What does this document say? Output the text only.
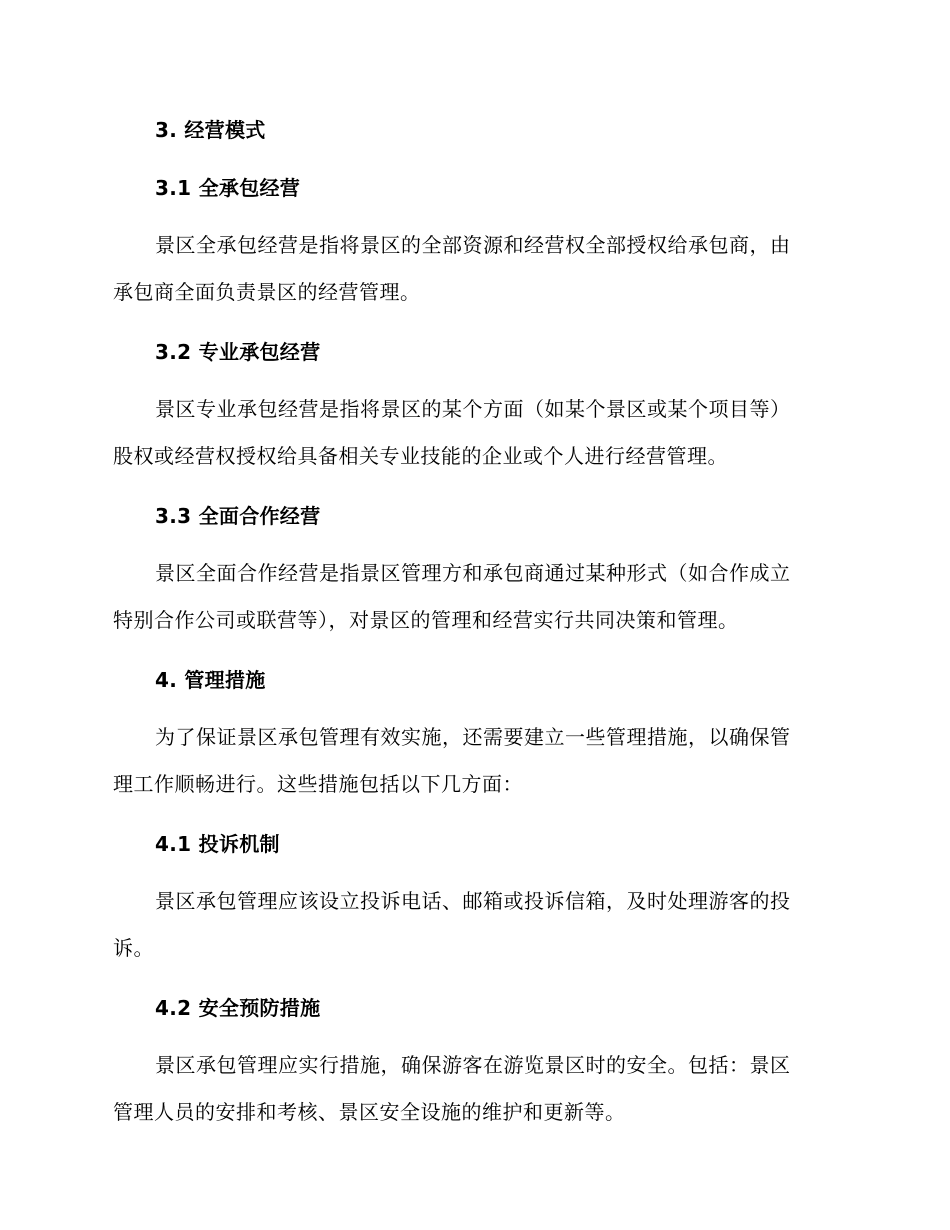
3. 经营模式
3.1 全承包经营
景区全承包经营是指将景区的全部资源和经营权全部授权给承包商，由
承包商全面负责景区的经营管理。
3.2 专业承包经营
景区专业承包经营是指将景区的某个方面（如某个景区或某个项目等）
股权或经营权授权给具备相关专业技能的企业或个人进行经营管理。
3.3 全面合作经营
景区全面合作经营是指景区管理方和承包商通过某种形式（如合作成立
特别合作公司或联营等），对景区的管理和经营实行共同决策和管理。
4. 管理措施
为了保证景区承包管理有效实施，还需要建立一些管理措施，以确保管
理工作顺畅进行。这些措施包括以下几方面：
4.1 投诉机制
景区承包管理应该设立投诉电话、邮箱或投诉信箱，及时处理游客的投
诉。
4.2 安全预防措施
景区承包管理应实行措施，确保游客在游览景区时的安全。包括：景区
管理人员的安排和考核、景区安全设施的维护和更新等。
